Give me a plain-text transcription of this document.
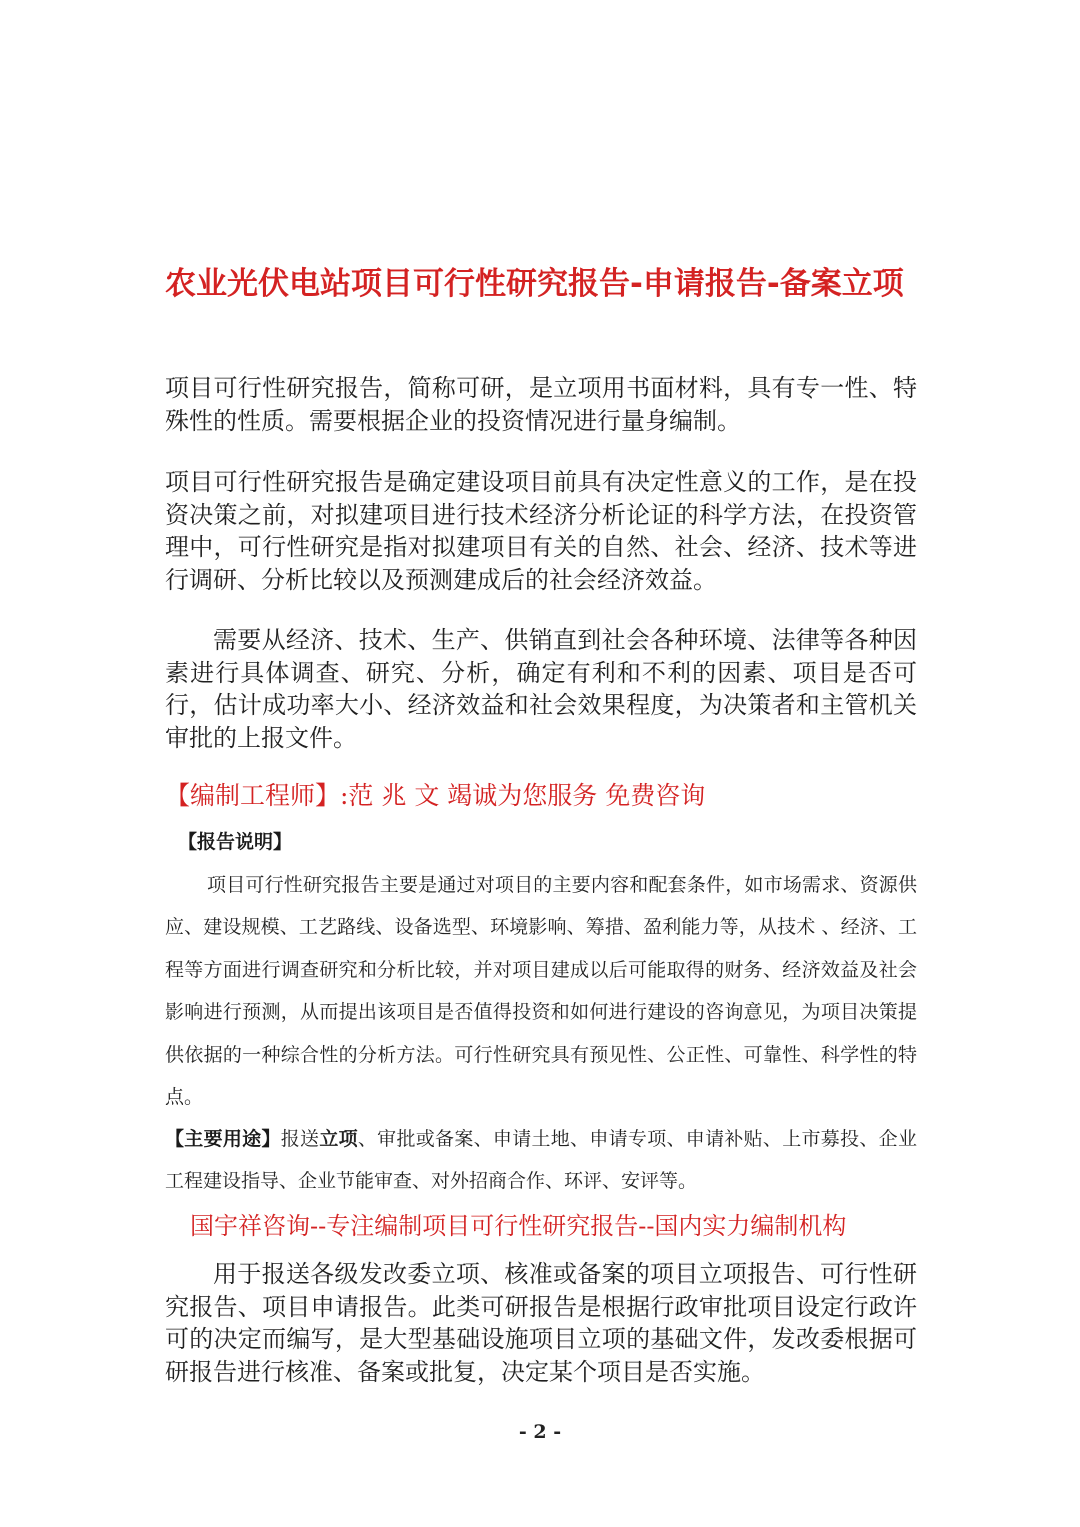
农业光伏电站项目可行性研究报告-申请报告-备案立项

项目可行性研究报告，简称可研，是立项用书面材料，具有专一性、特殊性的性质。需要根据企业的投资情况进行量身编制。

项目可行性研究报告是确定建设项目前具有决定性意义的工作，是在投资决策之前，对拟建项目进行技术经济分析论证的科学方法，在投资管理中，可行性研究是指对拟建项目有关的自然、社会、经济、技术等进行调研、分析比较以及预测建成后的社会经济效益。

需要从经济、技术、生产、供销直到社会各种环境、法律等各种因素进行具体调查、研究、分析，确定有利和不利的因素、项目是否可行，估计成功率大小、经济效益和社会效果程度，为决策者和主管机关审批的上报文件。

【编制工程师】:范 兆 文 竭诚为您服务 免费咨询

【报告说明】

项目可行性研究报告主要是通过对项目的主要内容和配套条件，如市场需求、资源供应、建设规模、工艺路线、设备选型、环境影响、筹措、盈利能力等，从技术 、经济、工程等方面进行调查研究和分析比较，并对项目建成以后可能取得的财务、经济效益及社会影响进行预测，从而提出该项目是否值得投资和如何进行建设的咨询意见，为项目决策提供依据的一种综合性的分析方法。可行性研究具有预见性、公正性、可靠性、科学性的特点。

【主要用途】报送立项、审批或备案、申请土地、申请专项、申请补贴、上市募投、企业工程建设指导、企业节能审查、对外招商合作、环评、安评等。

国宇祥咨询--专注编制项目可行性研究报告--国内实力编制机构

用于报送各级发改委立项、核准或备案的项目立项报告、可行性研究报告、项目申请报告。此类可研报告是根据行政审批项目设定行政许可的决定而编写，是大型基础设施项目立项的基础文件，发改委根据可研报告进行核准、备案或批复，决定某个项目是否实施。

- 2 -
